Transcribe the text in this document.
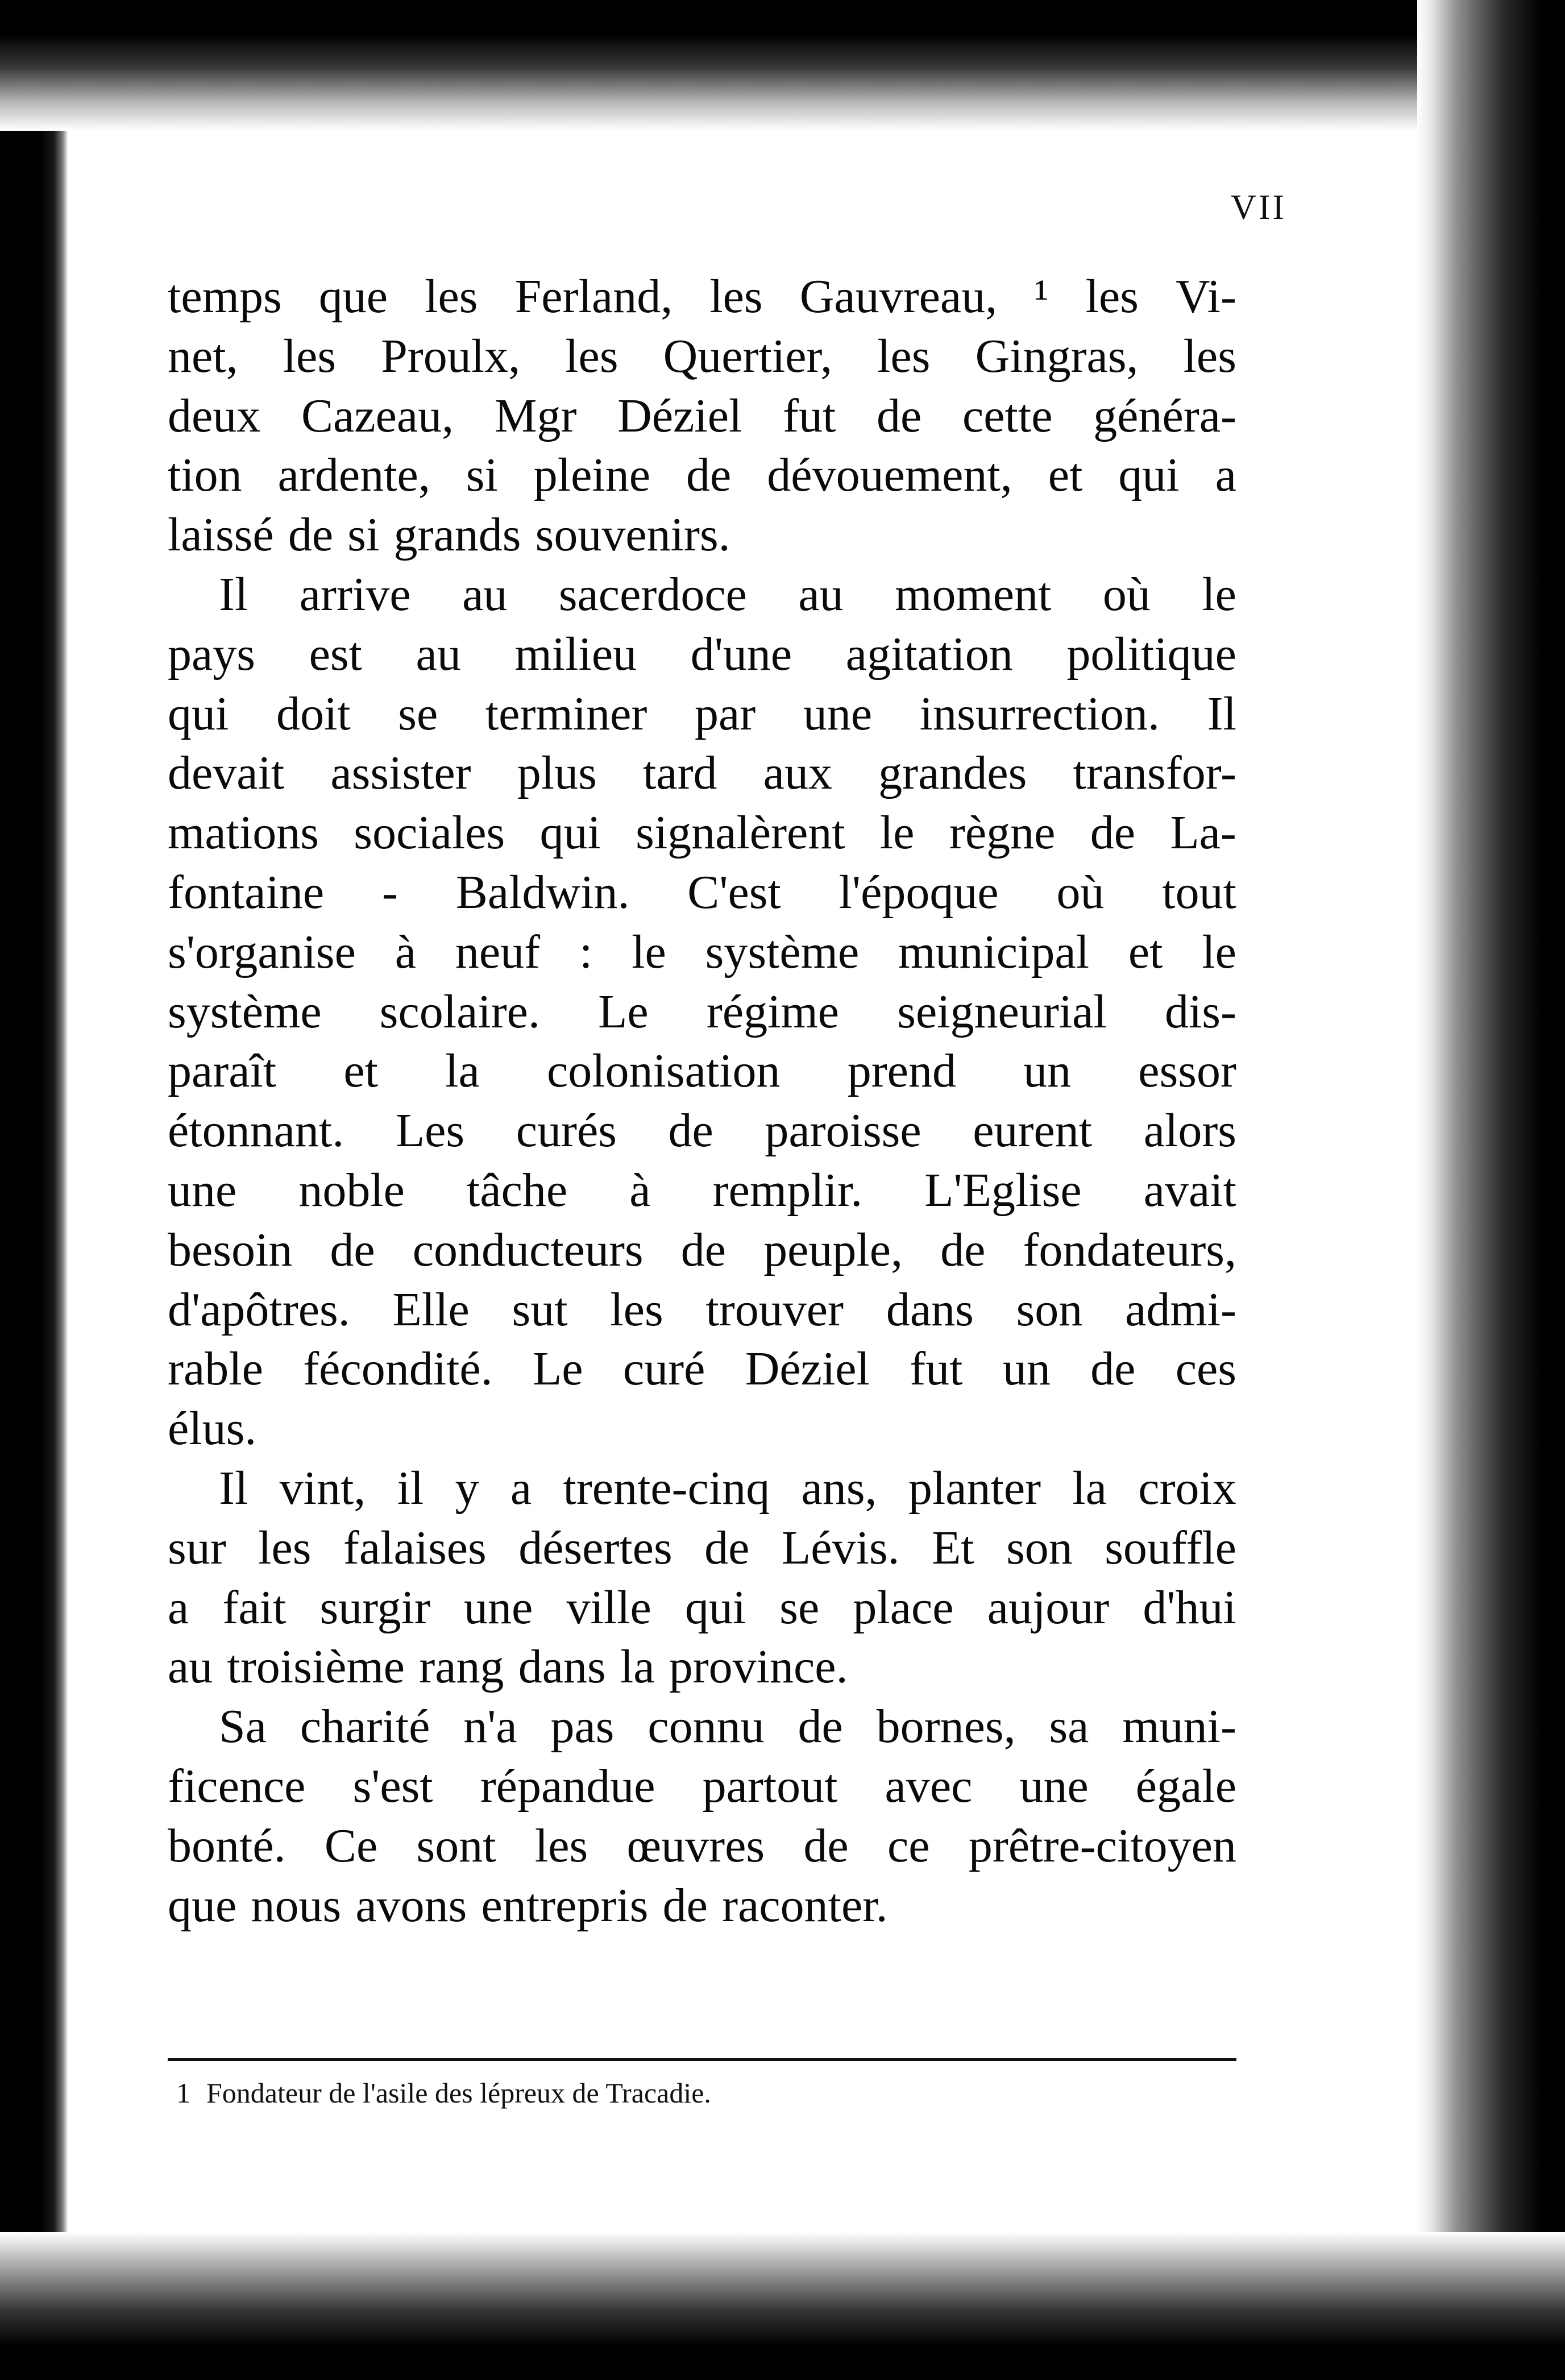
VII
temps que les Ferland, les Gauvreau, ¹ les Vi-
net, les Proulx, les Quertier, les Gingras, les
deux Cazeau, Mgr Déziel fut de cette généra-
tion ardente, si pleine de dévouement, et qui a
laissé de si grands souvenirs.
Il arrive au sacerdoce au moment où le
pays est au milieu d'une agitation politique
qui doit se terminer par une insurrection. Il
devait assister plus tard aux grandes transfor-
mations sociales qui signalèrent le règne de La-
fontaine - Baldwin. C'est l'époque où tout
s'organise à neuf : le système municipal et le
système scolaire. Le régime seigneurial dis-
paraît et la colonisation prend un essor
étonnant. Les curés de paroisse eurent alors
une noble tâche à remplir. L'Eglise avait
besoin de conducteurs de peuple, de fondateurs,
d'apôtres. Elle sut les trouver dans son admi-
rable fécondité. Le curé Déziel fut un de ces
élus.
Il vint, il y a trente-cinq ans, planter la croix
sur les falaises désertes de Lévis. Et son souffle
a fait surgir une ville qui se place aujour d'hui
au troisième rang dans la province.
Sa charité n'a pas connu de bornes, sa muni-
ficence s'est répandue partout avec une égale
bonté. Ce sont les œuvres de ce prêtre-citoyen
que nous avons entrepris de raconter.
1 Fondateur de l'asile des lépreux de Tracadie.
